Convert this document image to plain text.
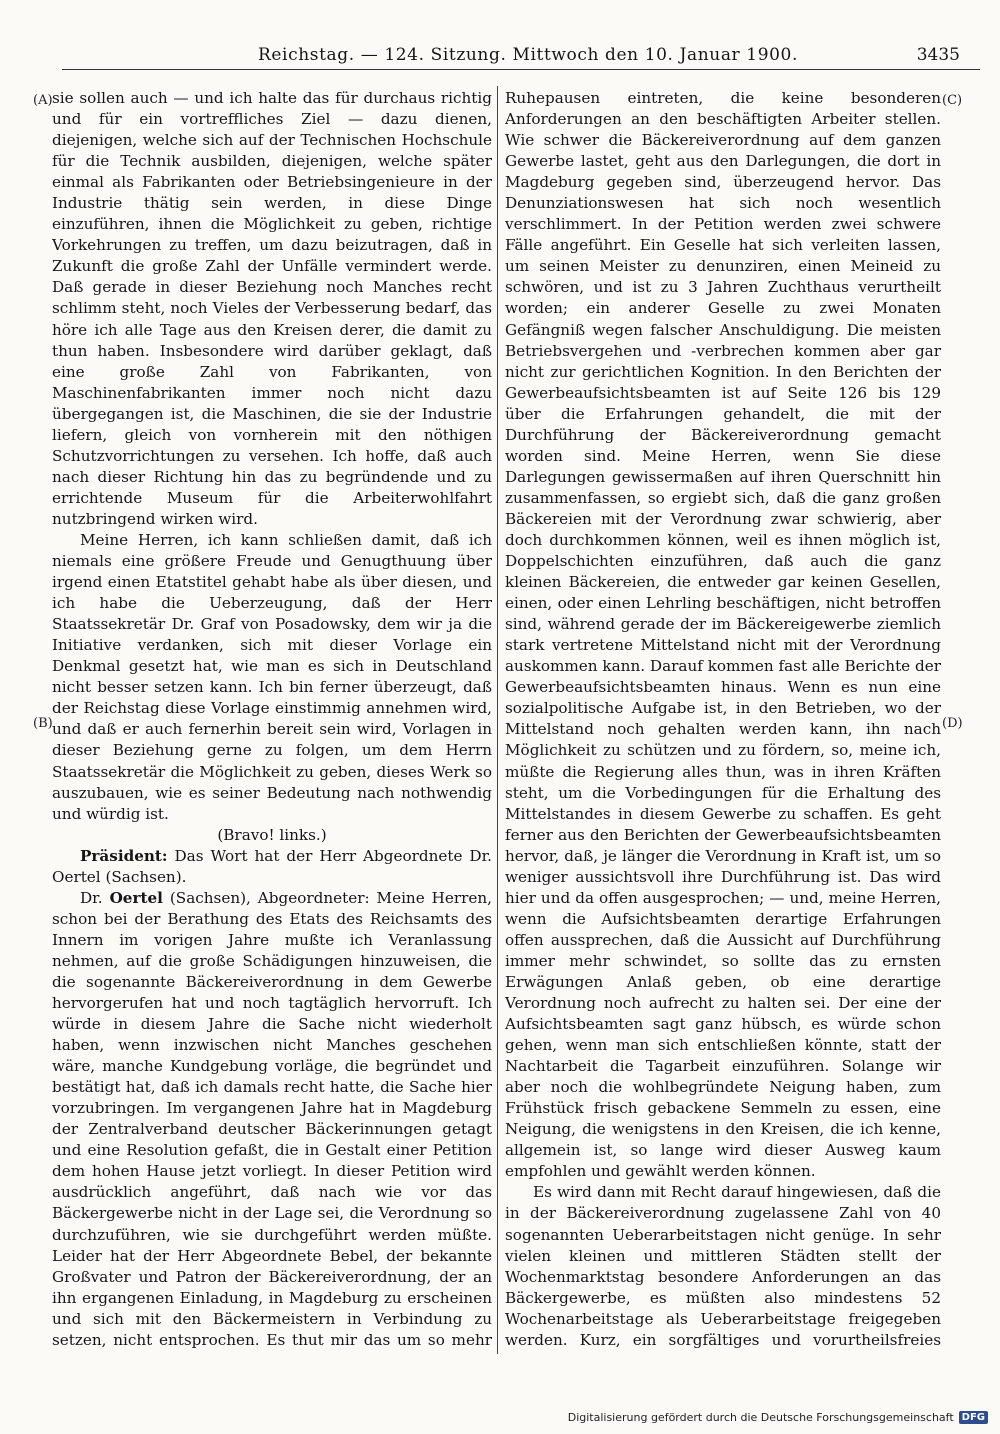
Reichstag. — 124. Sitzung. Mittwoch den 10. Januar 1900.	3435
(A)
(B)
(C)
(D)

sie sollen auch — und ich halte das für durchaus richtig und für ein vortreffliches Ziel — dazu dienen, diejenigen, welche sich auf der Technischen Hochschule für die Technik ausbilden, diejenigen, welche später einmal als Fabrikanten oder Betriebsingenieure in der Industrie thätig sein werden, in diese Dinge einzuführen, ihnen die Möglichkeit zu geben, richtige Vorkehrungen zu treffen, um dazu beizutragen, daß in Zukunft die große Zahl der Unfälle vermindert werde. Daß gerade in dieser Beziehung noch Manches recht schlimm steht, noch Vieles der Verbesserung bedarf, das höre ich alle Tage aus den Kreisen derer, die damit zu thun haben. Insbesondere wird darüber geklagt, daß eine große Zahl von Fabrikanten, von Maschinenfabrikanten immer noch nicht dazu übergegangen ist, die Maschinen, die sie der Industrie liefern, gleich von vornherein mit den nöthigen Schutzvorrichtungen zu versehen. Ich hoffe, daß auch nach dieser Richtung hin das zu begründende und zu errichtende Museum für die Arbeiterwohlfahrt nutzbringend wirken wird.

Meine Herren, ich kann schließen damit, daß ich niemals eine größere Freude und Genugthuung über irgend einen Etatstitel gehabt habe als über diesen, und ich habe die Ueberzeugung, daß der Herr Staatssekretär Dr. Graf von Posadowsky, dem wir ja die Initiative verdanken, sich mit dieser Vorlage ein Denkmal gesetzt hat, wie man es sich in Deutschland nicht besser setzen kann. Ich bin ferner überzeugt, daß der Reichstag diese Vorlage einstimmig annehmen wird, und daß er auch fernerhin bereit sein wird, Vorlagen in dieser Beziehung gerne zu folgen, um dem Herrn Staatssekretär die Möglichkeit zu geben, dieses Werk so auszubauen, wie es seiner Bedeutung nach nothwendig und würdig ist.

(Bravo! links.)

Präsident: Das Wort hat der Herr Abgeordnete Dr. Oertel (Sachsen).

Dr. Oertel (Sachsen), Abgeordneter: Meine Herren, schon bei der Berathung des Etats des Reichsamts des Innern im vorigen Jahre mußte ich Veranlassung nehmen, auf die große Schädigungen hinzuweisen, die die sogenannte Bäckereiverordnung in dem Gewerbe hervorgerufen hat und noch tagtäglich hervorruft. Ich würde in diesem Jahre die Sache nicht wiederholt haben, wenn inzwischen nicht Manches geschehen wäre, manche Kundgebung vorläge, die begründet und bestätigt hat, daß ich damals recht hatte, die Sache hier vorzubringen. Im vergangenen Jahre hat in Magdeburg der Zentralverband deutscher Bäckerinnungen getagt und eine Resolution gefaßt, die in Gestalt einer Petition dem hohen Hause jetzt vorliegt. In dieser Petition wird ausdrücklich angeführt, daß nach wie vor das Bäckergewerbe nicht in der Lage sei, die Verordnung so durchzuführen, wie sie durchgeführt werden müßte. Leider hat der Herr Abgeordnete Bebel, der bekannte Großvater und Patron der Bäckereiverordnung, der an ihn ergangenen Einladung, in Magdeburg zu erscheinen und sich mit den Bäckermeistern in Verbindung zu setzen, nicht entsprochen. Es thut mir das um so mehr

Ruhepausen eintreten, die keine besonderen Anforderungen an den beschäftigten Arbeiter stellen. Wie schwer die Bäckereiverordnung auf dem ganzen Gewerbe lastet, geht aus den Darlegungen, die dort in Magdeburg gegeben sind, überzeugend hervor. Das Denunziationswesen hat sich noch wesentlich verschlimmert. In der Petition werden zwei schwere Fälle angeführt. Ein Geselle hat sich verleiten lassen, um seinen Meister zu denunziren, einen Meineid zu schwören, und ist zu 3 Jahren Zuchthaus verurtheilt worden; ein anderer Geselle zu zwei Monaten Gefängniß wegen falscher Anschuldigung. Die meisten Betriebsvergehen und -verbrechen kommen aber gar nicht zur gerichtlichen Kognition. In den Berichten der Gewerbeaufsichtsbeamten ist auf Seite 126 bis 129 über die Erfahrungen gehandelt, die mit der Durchführung der Bäckereiverordnung gemacht worden sind. Meine Herren, wenn Sie diese Darlegungen gewissermaßen auf ihren Querschnitt hin zusammenfassen, so ergiebt sich, daß die ganz großen Bäckereien mit der Verordnung zwar schwierig, aber doch durchkommen können, weil es ihnen möglich ist, Doppelschichten einzuführen, daß auch die ganz kleinen Bäckereien, die entweder gar keinen Gesellen, einen, oder einen Lehrling beschäftigen, nicht betroffen sind, während gerade der im Bäckereigewerbe ziemlich stark vertretene Mittelstand nicht mit der Verordnung auskommen kann. Darauf kommen fast alle Berichte der Gewerbeaufsichtsbeamten hinaus. Wenn es nun eine sozialpolitische Aufgabe ist, in den Betrieben, wo der Mittelstand noch gehalten werden kann, ihn nach Möglichkeit zu schützen und zu fördern, so, meine ich, müßte die Regierung alles thun, was in ihren Kräften steht, um die Vorbedingungen für die Erhaltung des Mittelstandes in diesem Gewerbe zu schaffen. Es geht ferner aus den Berichten der Gewerbeaufsichtsbeamten hervor, daß, je länger die Verordnung in Kraft ist, um so weniger aussichtsvoll ihre Durchführung ist. Das wird hier und da offen ausgesprochen; — und, meine Herren, wenn die Aufsichtsbeamten derartige Erfahrungen offen aussprechen, daß die Aussicht auf Durchführung immer mehr schwindet, so sollte das zu ernsten Erwägungen Anlaß geben, ob eine derartige Verordnung noch aufrecht zu halten sei. Der eine der Aufsichtsbeamten sagt ganz hübsch, es würde schon gehen, wenn man sich entschließen könnte, statt der Nachtarbeit die Tagarbeit einzuführen. Solange wir aber noch die wohlbegründete Neigung haben, zum Frühstück frisch gebackene Semmeln zu essen, eine Neigung, die wenigstens in den Kreisen, die ich kenne, allgemein ist, so lange wird dieser Ausweg kaum empfohlen und gewählt werden können.

Es wird dann mit Recht darauf hingewiesen, daß die in der Bäckereiverordnung zugelassene Zahl von 40 sogenannten Ueberarbeitstagen nicht genüge. In sehr vielen kleinen und mittleren Städten stellt der Wochenmarktstag besondere Anforderungen an das Bäckergewerbe, es müßten also mindestens 52 Wochenarbeitstage als Ueberarbeitstage freigegeben werden. Kurz, ein sorgfältiges und vorurtheilsfreies

Digitalisierung gefördert durch die Deutsche Forschungsgemeinschaft DFG
